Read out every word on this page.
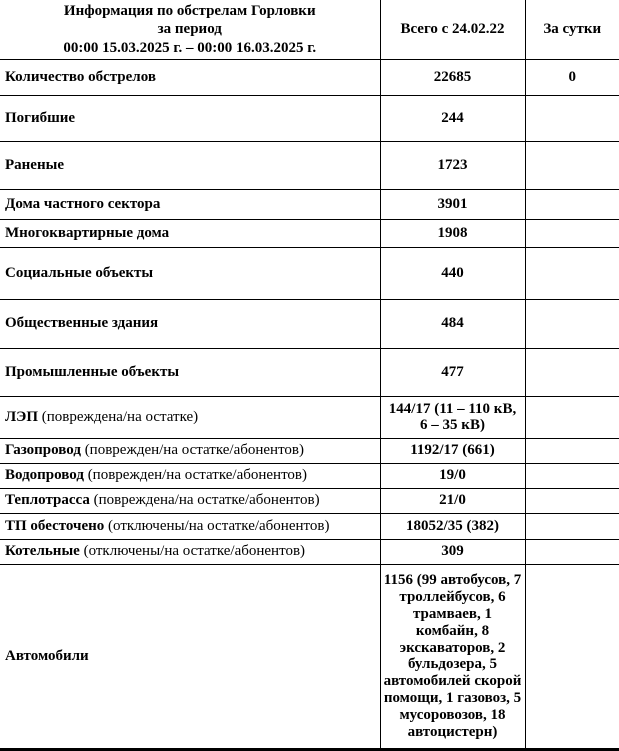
Информация по обстрелам Горловки
за период
00:00 15.03.2025 г. – 00:00 16.03.2025 г.	Всего с 24.02.22	За сутки
Количество обстрелов	22685	0
Погибшие	244	
Раненые	1723	
Дома частного сектора	3901	
Многоквартирные дома	1908	
Социальные объекты	440	
Общественные здания	484	
Промышленные объекты	477	
ЛЭП (повреждена/на остатке)	144/17 (11 – 110 кВ, 6 – 35 кВ)	
Газопровод (поврежден/на остатке/абонентов)	1192/17 (661)	
Водопровод (поврежден/на остатке/абонентов)	19/0	
Теплотрасса (повреждена/на остатке/абонентов)	21/0	
ТП обесточено (отключены/на остатке/абонентов)	18052/35 (382)	
Котельные (отключены/на остатке/абонентов)	309	
Автомобили	1156 (99 автобусов, 7 троллейбусов, 6 трамваев, 1 комбайн, 8 экскаваторов, 2 бульдозера, 5 автомобилей скорой помощи, 1 газовоз, 5 мусоровозов, 18 автоцистерн)	
